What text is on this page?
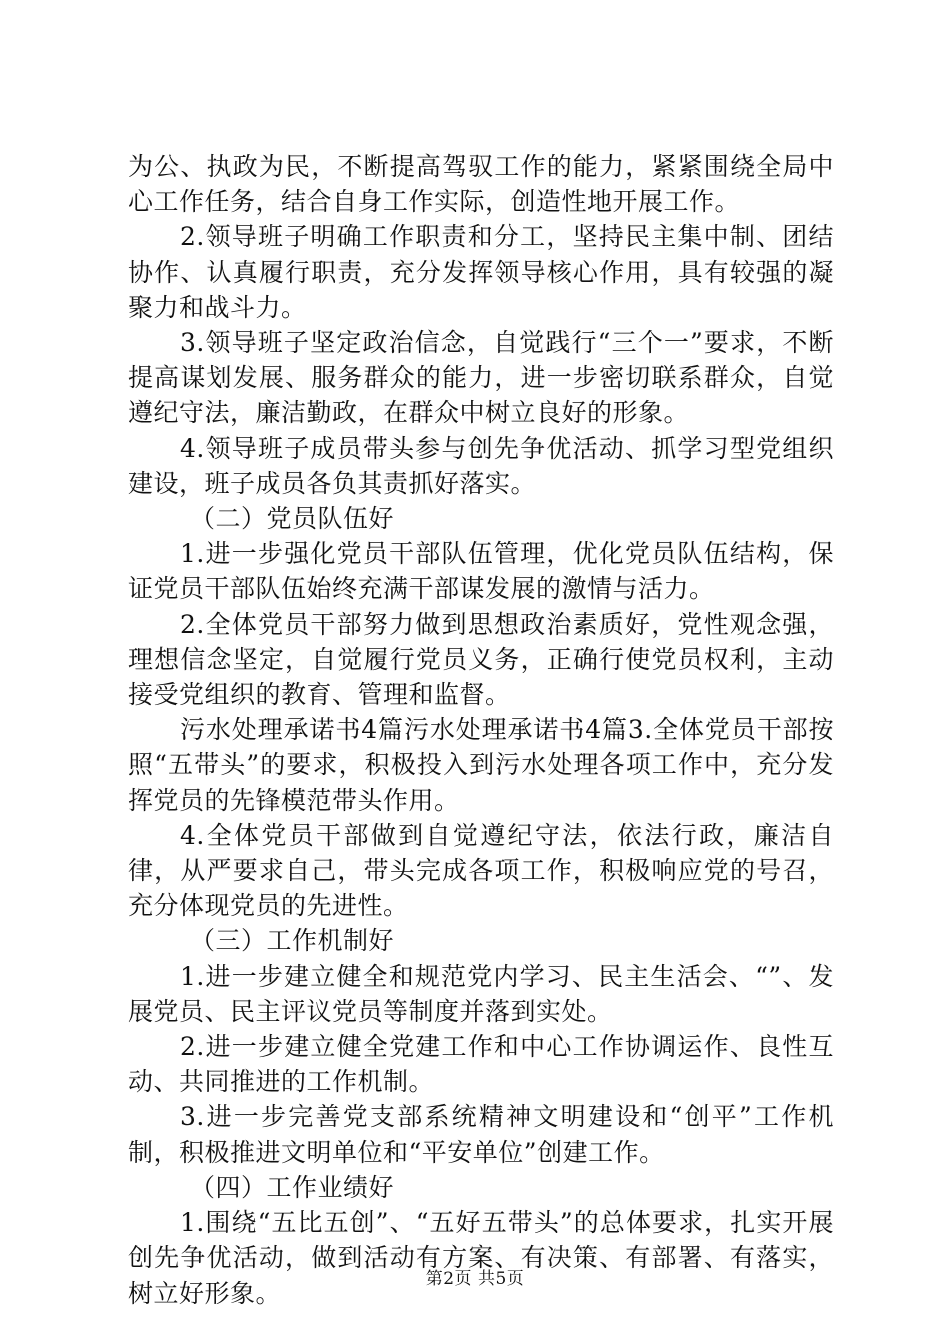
为公、执政为民，不断提高驾驭工作的能力，紧紧围绕全局中心工作任务，结合自身工作实际，创造性地开展工作。

2.领导班子明确工作职责和分工，坚持民主集中制、团结协作、认真履行职责，充分发挥领导核心作用，具有较强的凝聚力和战斗力。

3.领导班子坚定政治信念，自觉践行“三个一”要求，不断提高谋划发展、服务群众的能力，进一步密切联系群众，自觉遵纪守法，廉洁勤政，在群众中树立良好的形象。

4.领导班子成员带头参与创先争优活动、抓学习型党组织建设，班子成员各负其责抓好落实。

（二）党员队伍好

1.进一步强化党员干部队伍管理，优化党员队伍结构，保证党员干部队伍始终充满干部谋发展的激情与活力。

2.全体党员干部努力做到思想政治素质好，党性观念强，理想信念坚定，自觉履行党员义务，正确行使党员权利，主动接受党组织的教育、管理和监督。

污水处理承诺书4篇污水处理承诺书4篇3.全体党员干部按照“五带头”的要求，积极投入到污水处理各项工作中，充分发挥党员的先锋模范带头作用。

4.全体党员干部做到自觉遵纪守法，依法行政，廉洁自律，从严要求自己，带头完成各项工作，积极响应党的号召，充分体现党员的先进性。

（三）工作机制好

1.进一步建立健全和规范党内学习、民主生活会、“”、发展党员、民主评议党员等制度并落到实处。

2.进一步建立健全党建工作和中心工作协调运作、良性互动、共同推进的工作机制。

3.进一步完善党支部系统精神文明建设和“创平”工作机制，积极推进文明单位和“平安单位”创建工作。

（四）工作业绩好

1.围绕“五比五创”、“五好五带头”的总体要求，扎实开展创先争优活动，做到活动有方案、有决策、有部署、有落实，树立好形象。	第2页 共5页
